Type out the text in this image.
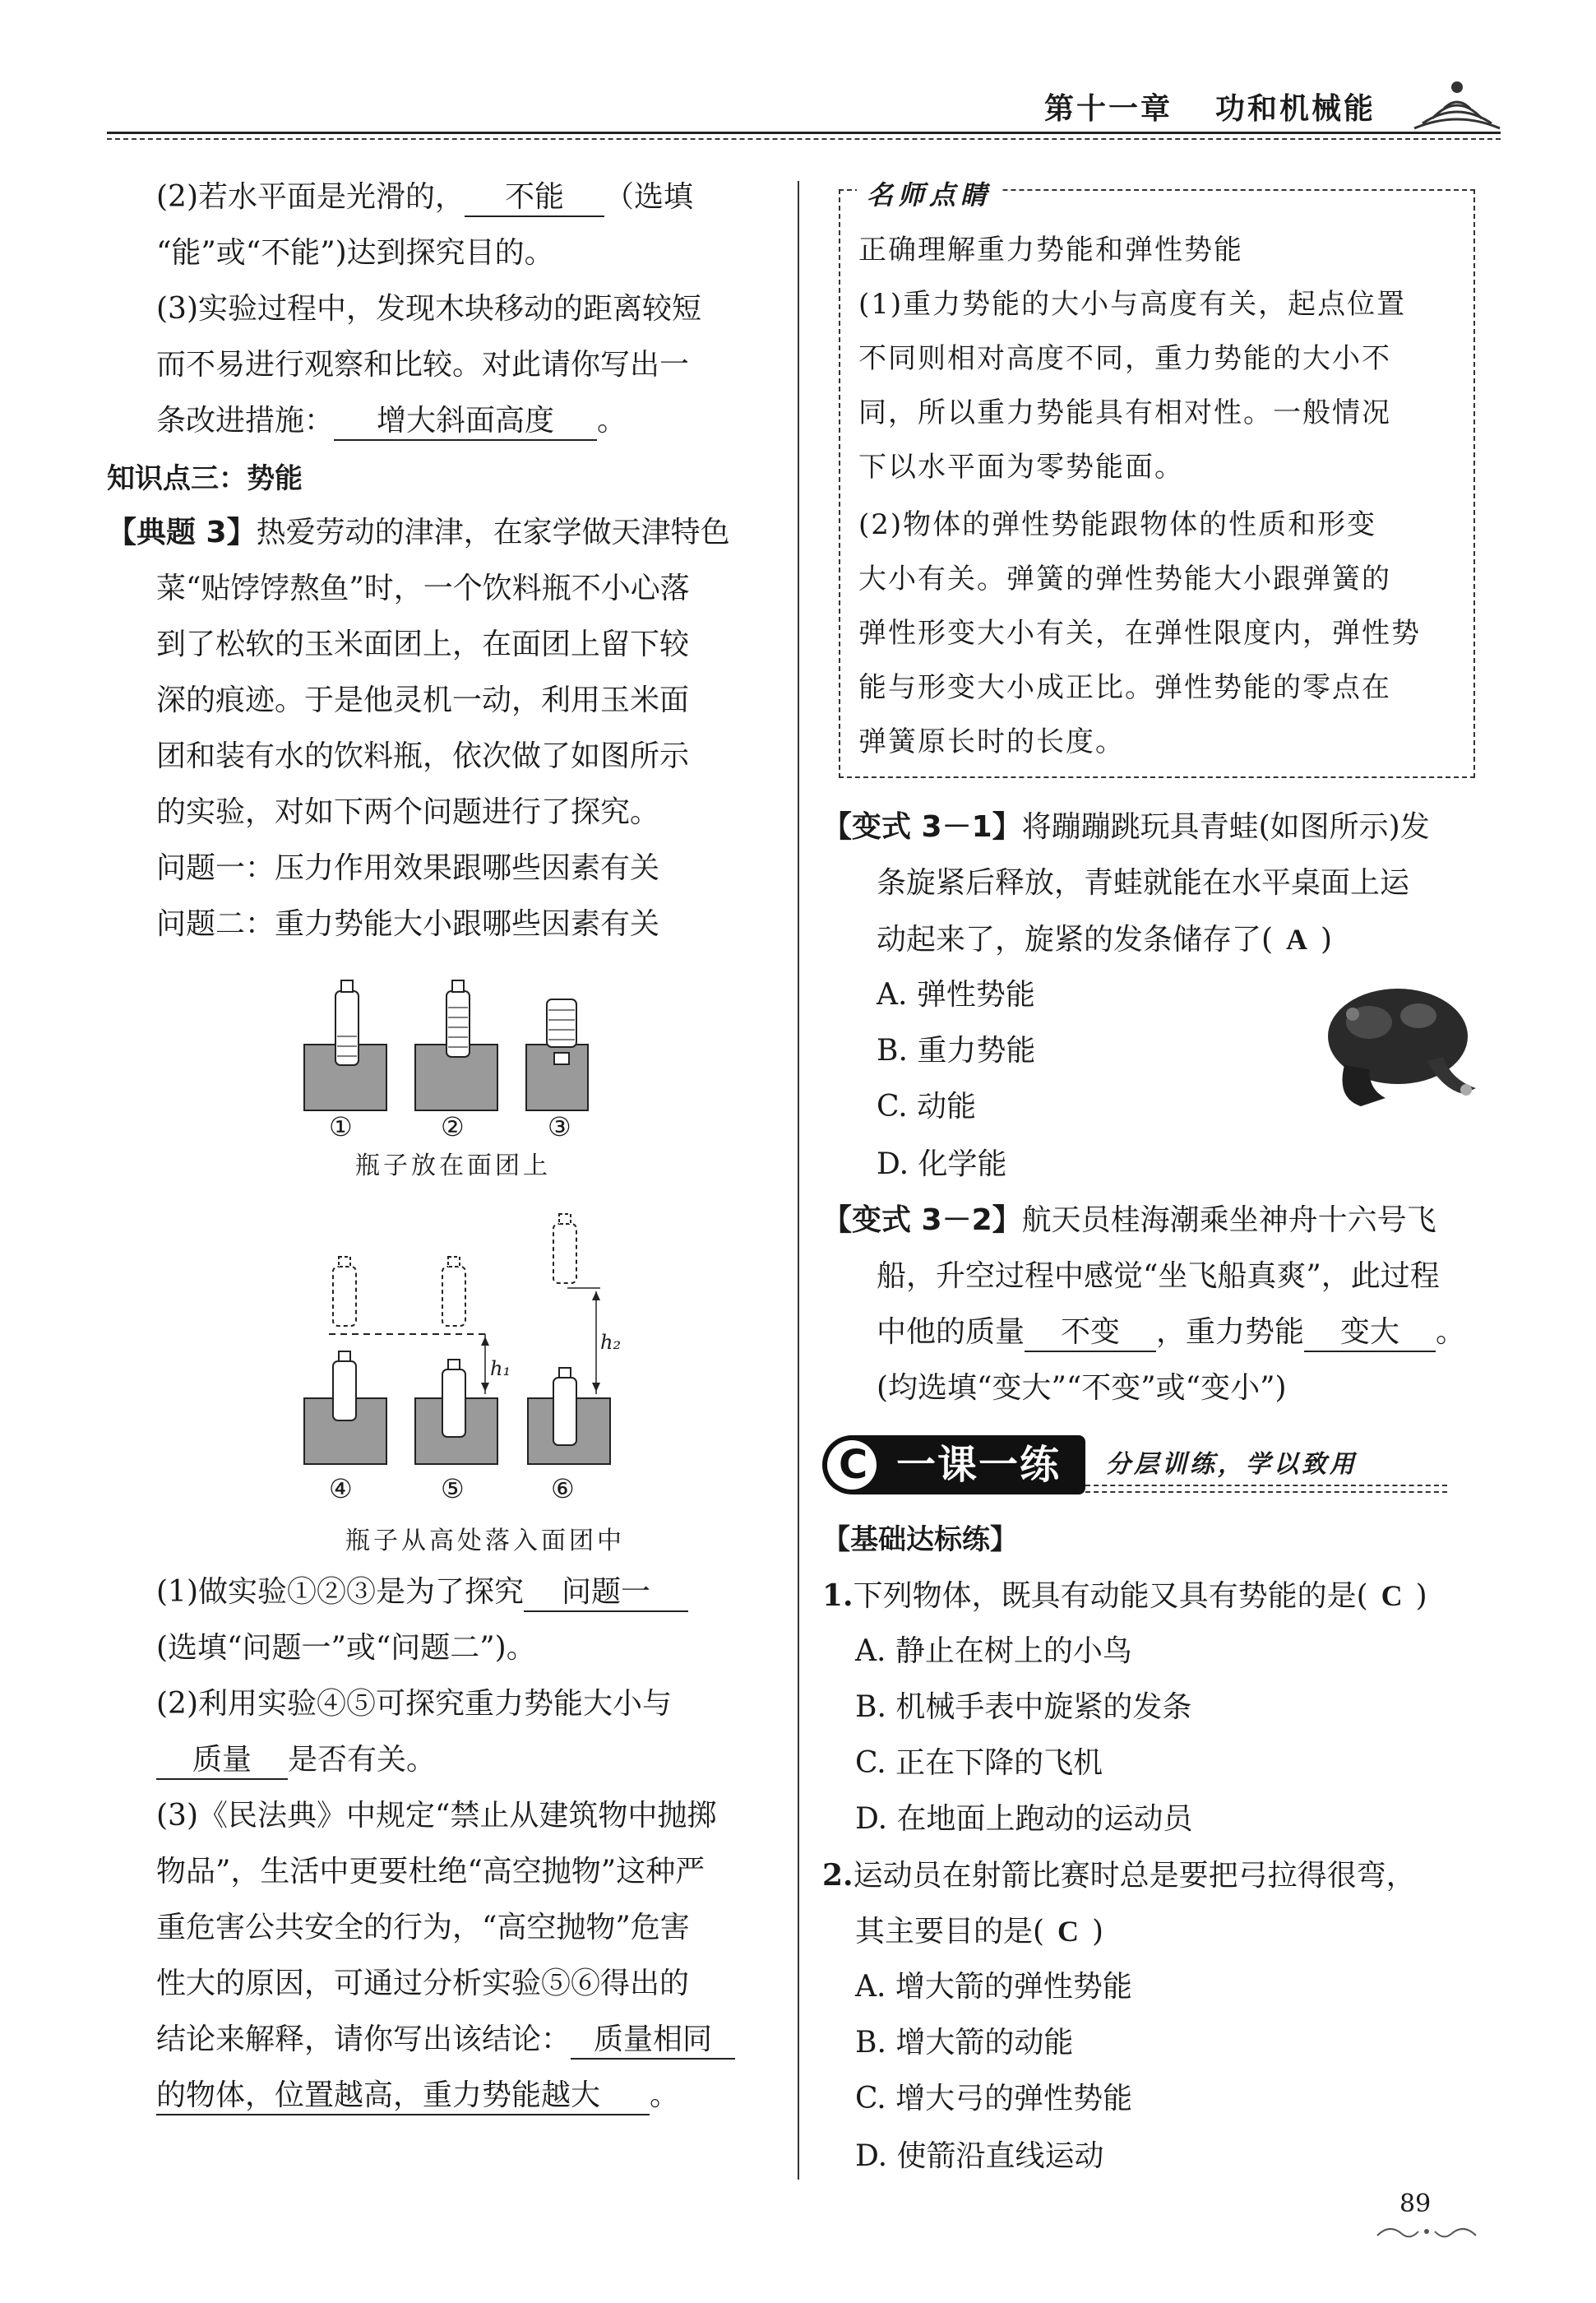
第十一章 功和机械能
(2)若水平面是光滑的， 不能 （选填
“能”或“不能”)达到探究目的。
(3)实验过程中，发现木块移动的距离较短
而不易进行观察和比较。对此请你写出一
条改进措施： 增大斜面高度 。
知识点三：势能
【典题 3】热爱劳动的津津，在家学做天津特色
菜“贴饽饽熬鱼”时，一个饮料瓶不小心落
到了松软的玉米面团上，在面团上留下较
深的痕迹。于是他灵机一动，利用玉米面
团和装有水的饮料瓶，依次做了如图所示
的实验，对如下两个问题进行了探究。
问题一：压力作用效果跟哪些因素有关
问题二：重力势能大小跟哪些因素有关
①	②	③
瓶子放在面团上
h₁
h₂
④	⑤	⑥
瓶子从高处落入面团中
(1)做实验①②③是为了探究 问题一
(选填“问题一”或“问题二”)。
(2)利用实验④⑤可探究重力势能大小与
质量 是否有关。
(3)《民法典》中规定“禁止从建筑物中抛掷
物品”，生活中更要杜绝“高空抛物”这种严
重危害公共安全的行为，“高空抛物”危害
性大的原因，可通过分析实验⑤⑥得出的
结论来解释，请你写出该结论： 质量相同
的物体，位置越高，重力势能越大 。
名师点睛
正确理解重力势能和弹性势能
(1)重力势能的大小与高度有关，起点位置
不同则相对高度不同，重力势能的大小不
同，所以重力势能具有相对性。一般情况
下以水平面为零势能面。
(2)物体的弹性势能跟物体的性质和形变
大小有关。弹簧的弹性势能大小跟弹簧的
弹性形变大小有关，在弹性限度内，弹性势
能与形变大小成正比。弹性势能的零点在
弹簧原长时的长度。
【变式 3－1】将蹦蹦跳玩具青蛙(如图所示)发
条旋紧后释放，青蛙就能在水平桌面上运
动起来了，旋紧的发条储存了( A )
A. 弹性势能
B. 重力势能
C. 动能
D. 化学能
【变式 3－2】航天员桂海潮乘坐神舟十六号飞
船，升空过程中感觉“坐飞船真爽”，此过程
中他的质量 不变 ，重力势能 变大 。
(均选填“变大”“不变”或“变小”)
C 一课一练 分层训练，学以致用
【基础达标练】
1.下列物体，既具有动能又具有势能的是( C )
A. 静止在树上的小鸟
B. 机械手表中旋紧的发条
C. 正在下降的飞机
D. 在地面上跑动的运动员
2.运动员在射箭比赛时总是要把弓拉得很弯，
其主要目的是( C )
A. 增大箭的弹性势能
B. 增大箭的动能
C. 增大弓的弹性势能
D. 使箭沿直线运动
89
